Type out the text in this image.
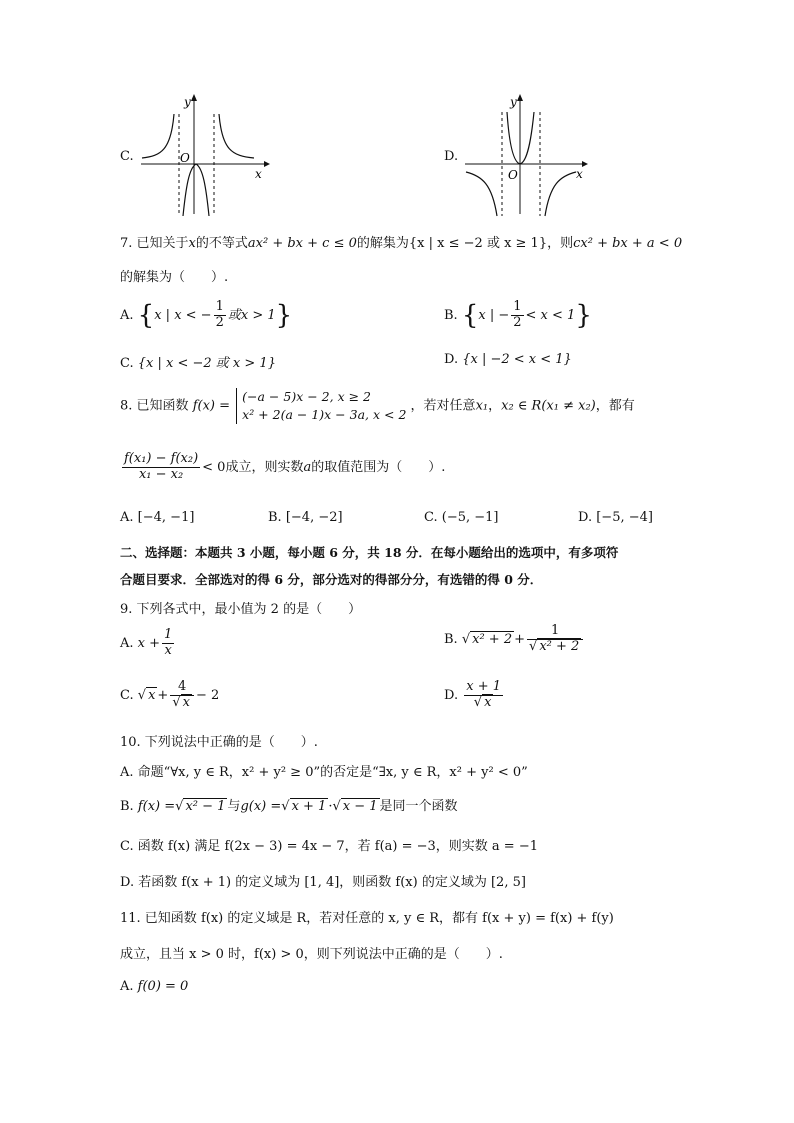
C.
y
x
O	D.
y
x
O
7. 已知关于x的不等式ax² + bx + c ≤ 0的解集为{x | x ≤ −2 或 x ≥ 1}，则cx² + bx + a < 0
的解集为（　　）.
A. {x | x < − $\frac{1}{2}$ 或x > 1}	B. {x | − $\frac{1}{2} < x < 1$}
C. {x | x < −2 或 x > 1}	D. {x | −2 < x < 1}
8. 已知函数 f(x) =
(−a − 5)x − 2, x ≥ 2
x² + 2(a − 1)x − 3a, x < 2
，若对任意x₁，x₂ ∈ R(x₁ ≠ x₂)，都有
$\frac{\text{f(x₁) − f(x₂)}}{\text{x₁ − x₂}} < 0$成立，则实数a的取值范围为（　　）.
A. [−4, −1]	B. [−4, −2]	C. (−5, −1]	D. [−5, −4]
二、选择题：本题共 3 小题，每小题 6 分，共 18 分．在每小题给出的选项中，有多项符
合题目要求．全部选对的得 6 分，部分选对的得部分分，有选错的得 0 分．
9. 下列各式中，最小值为 2 的是（　　）
A. $x + \frac{1}{x}$	B. √ $x^2 + 2 + \frac{1}{\text{√ x² + 2}}$
C. √ $x + \frac{4}{√ x} - 2$	D. $\frac{x + 1}{√ x}$
10. 下列说法中正确的是（　　）.
A. 命题“∀x, y ∈ R，x² + y² ≥ 0”的否定是“∃x, y ∈ R，x² + y² < 0”
B. f(x) =√ x² − 1 与g(x) =√ x + 1 ·√ x − 1 是同一个函数
C. 函数 f(x) 满足 f(2x − 3) = 4x − 7，若 f(a) = −3，则实数 a = −1
D. 若函数 f(x + 1) 的定义域为 [1, 4]，则函数 f(x) 的定义域为 [2, 5]
11. 已知函数 f(x) 的定义域是 R，若对任意的 x, y ∈ R，都有 f(x + y) = f(x) + f(y)
成立，且当 x > 0 时，f(x) > 0，则下列说法中正确的是（　　）.
A. f(0) = 0
